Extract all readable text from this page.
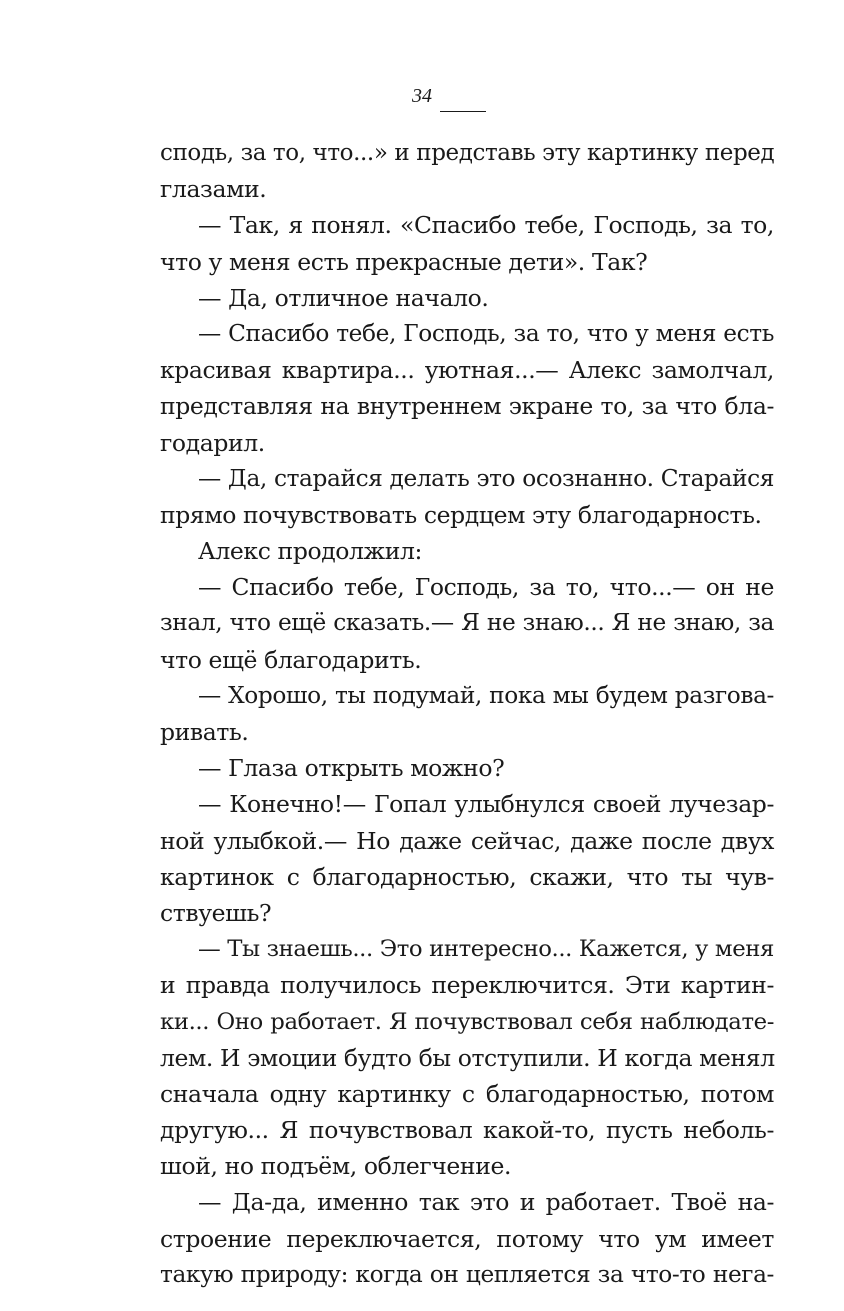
34
сподь, за то, что...» и представь эту картинку перед
глазами.
— Так, я понял. «Спасибо тебе, Господь, за то,
что у меня есть прекрасные дети». Так?
— Да, отличное начало.
— Спасибо тебе, Господь, за то, что у меня есть
красивая квартира... уютная...— Алекс замолчал,
представляя на внутреннем экране то, за что бла-
годарил.
— Да, старайся делать это осознанно. Старайся
прямо почувствовать сердцем эту благодарность.
Алекс продолжил:
— Спасибо тебе, Господь, за то, что...— он не
знал, что ещё сказать.— Я не знаю... Я не знаю, за
что ещё благодарить.
— Хорошо, ты подумай, пока мы будем разгова-
ривать.
— Глаза открыть можно?
— Конечно!— Гопал улыбнулся своей лучезар-
ной улыбкой.— Но даже сейчас, даже после двух
картинок с благодарностью, скажи, что ты чув-
ствуешь?
— Ты знаешь... Это интересно... Кажется, у меня
и правда получилось переключится. Эти картин-
ки... Оно работает. Я почувствовал себя наблюдате-
лем. И эмоции будто бы отступили. И когда менял
сначала одну картинку с благодарностью, потом
другую... Я почувствовал какой-то, пусть неболь-
шой, но подъём, облегчение.
— Да-да, именно так это и работает. Твоё на-
строение переключается, потому что ум имеет
такую природу: когда он цепляется за что-то нега-
